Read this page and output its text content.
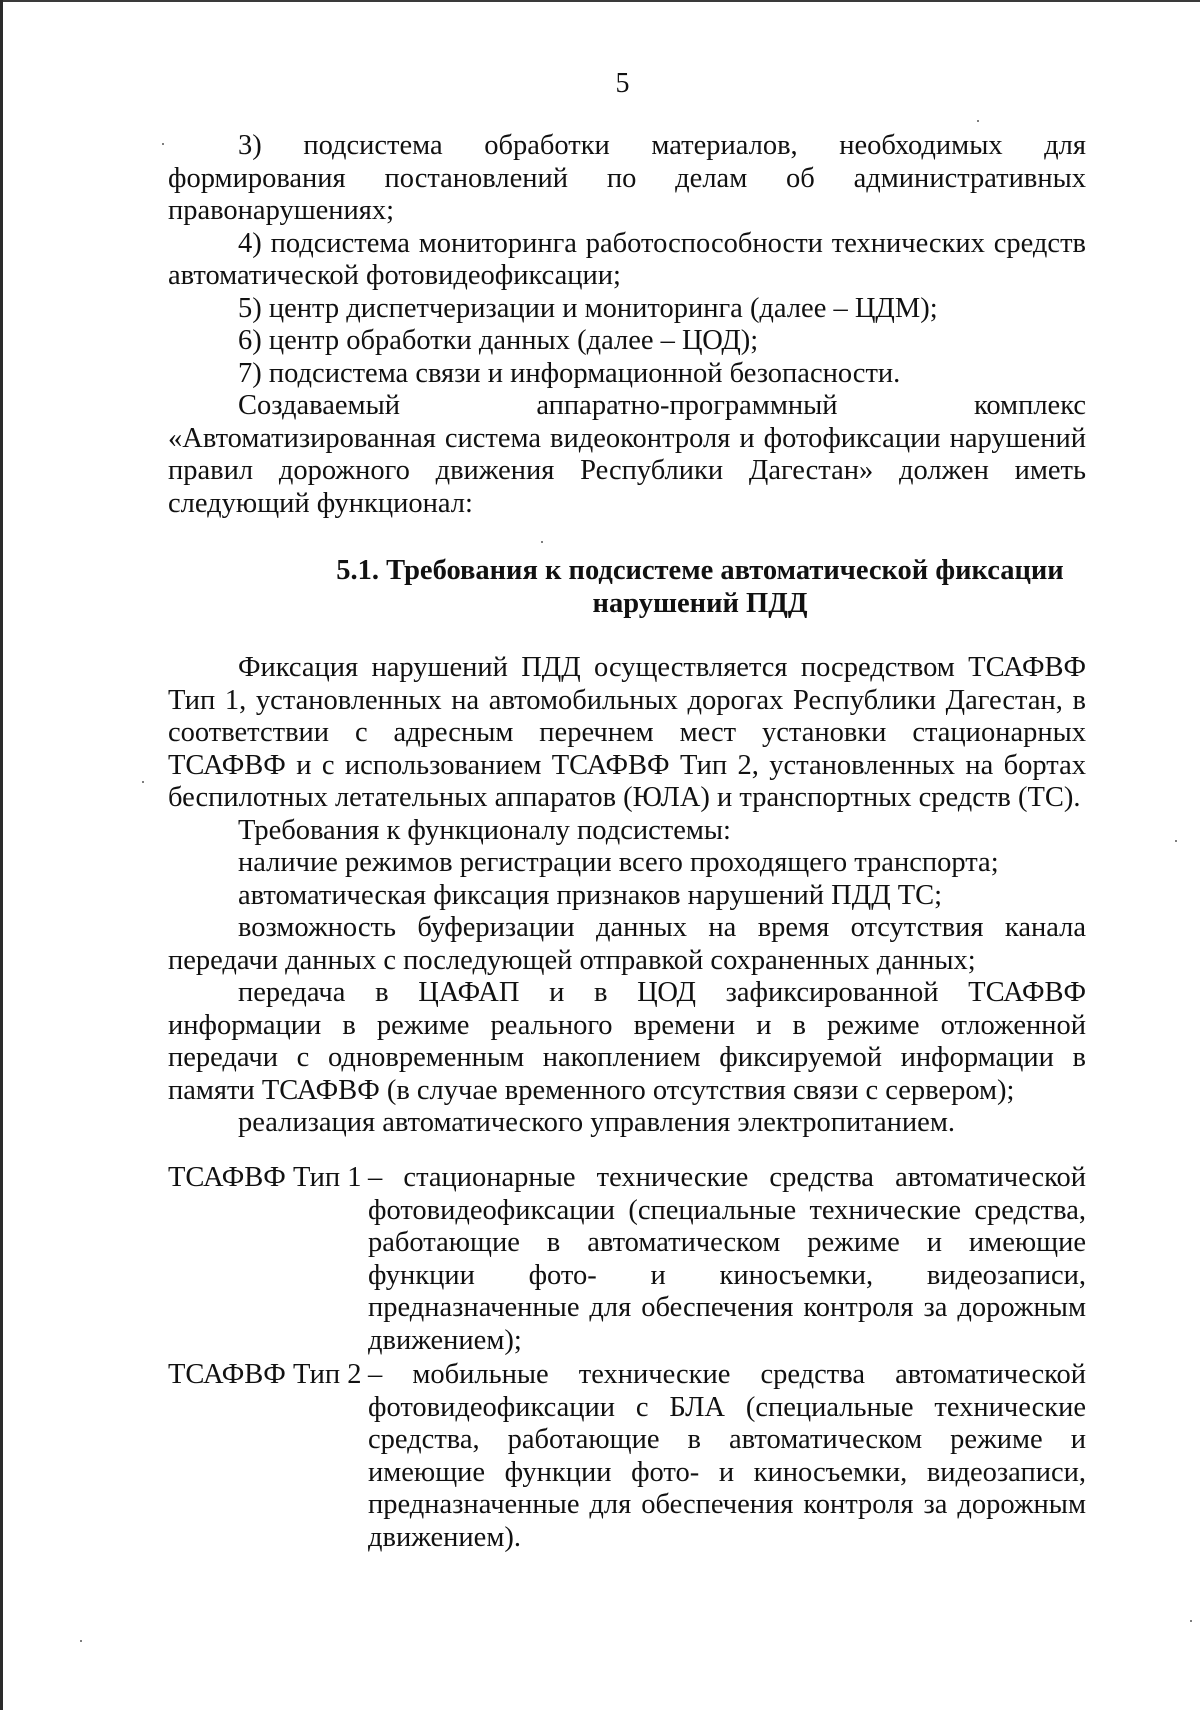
5

3) подсистема обработки материалов, необходимых для формирования постановлений по делам об административных правонарушениях;

4) подсистема мониторинга работоспособности технических средств автоматической фотовидеофиксации;

5) центр диспетчеризации и мониторинга (далее – ЦДМ);

6) центр обработки данных (далее – ЦОД);

7) подсистема связи и информационной безопасности.

Создаваемый аппаратно-программный комплекс «Автоматизированная система видеоконтроля и фотофиксации нарушений правил дорожного движения Республики Дагестан» должен иметь следующий функционал:

5.1. Требования к подсистеме автоматической фиксации
нарушений ПДД

Фиксация нарушений ПДД осуществляется посредством ТСАФВФ Тип 1, установленных на автомобильных дорогах Республики Дагестан, в соответствии с адресным перечнем мест установки стационарных ТСАФВФ и с использованием ТСАФВФ Тип 2, установленных на бортах беспилотных летательных аппаратов (ЮЛА) и транспортных средств (ТС).

Требования к функционалу подсистемы:

наличие режимов регистрации всего проходящего транспорта;

автоматическая фиксация признаков нарушений ПДД ТС;

возможность буферизации данных на время отсутствия канала передачи данных с последующей отправкой сохраненных данных;

передача в ЦАФАП и в ЦОД зафиксированной ТСАФВФ информации в режиме реального времени и в режиме отложенной передачи с одновременным накоплением фиксируемой информации в памяти ТСАФВФ (в случае временного отсутствия связи с сервером);

реализация автоматического управления электропитанием.

ТСАФВФ Тип 1 – стационарные технические средства автоматической фотовидеофиксации (специальные технические средства, работающие в автоматическом режиме и имеющие функции фото- и киносъемки, видеозаписи, предназначенные для обеспечения контроля за дорожным движением);

ТСАФВФ Тип 2 – мобильные технические средства автоматической фотовидеофиксации с БЛА (специальные технические средства, работающие в автоматическом режиме и имеющие функции фото- и киносъемки, видеозаписи, предназначенные для обеспечения контроля за дорожным движением).
